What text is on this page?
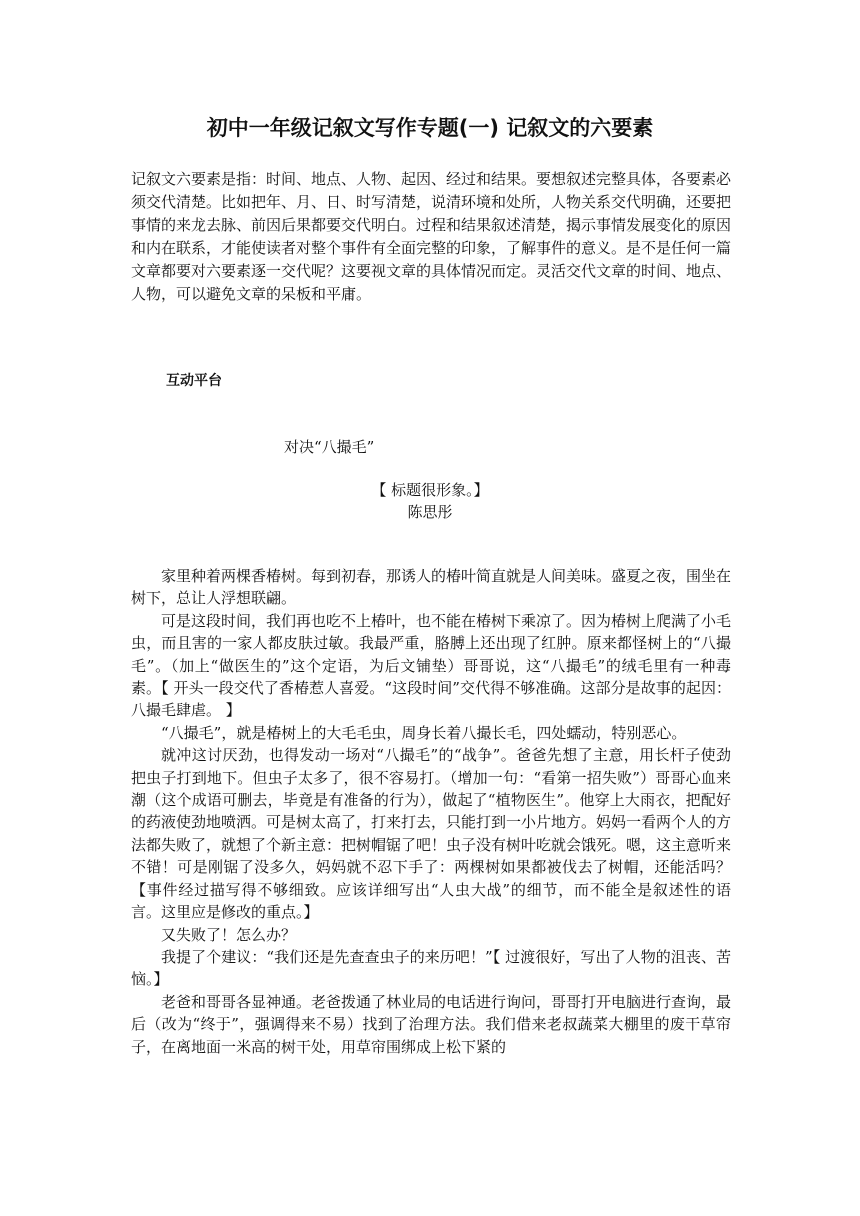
初中一年级记叙文写作专题(一) 记叙文的六要素

记叙文六要素是指：时间、地点、人物、起因、经过和结果。要想叙述完整具体，各要素必须交代清楚。比如把年、月、日、时写清楚，说清环境和处所，人物关系交代明确，还要把事情的来龙去脉、前因后果都要交代明白。过程和结果叙述清楚，揭示事情发展变化的原因和内在联系，才能使读者对整个事件有全面完整的印象，了解事件的意义。是不是任何一篇文章都要对六要素逐一交代呢？这要视文章的具体情况而定。灵活交代文章的时间、地点、人物，可以避免文章的呆板和平庸。

互动平台

对决“八撮毛”

【 标题很形象。】

陈思彤

家里种着两棵香椿树。每到初春，那诱人的椿叶简直就是人间美味。盛夏之夜，围坐在树下，总让人浮想联翩。

可是这段时间，我们再也吃不上椿叶，也不能在椿树下乘凉了。因为椿树上爬满了小毛虫，而且害的一家人都皮肤过敏。我最严重，胳膊上还出现了红肿。原来都怪树上的“八撮毛”。（加上“做医生的”这个定语，为后文铺垫）哥哥说，这“八撮毛”的绒毛里有一种毒素。【 开头一段交代了香椿惹人喜爱。“这段时间”交代得不够准确。这部分是故事的起因：八撮毛肆虐。 】

“八撮毛”，就是椿树上的大毛毛虫，周身长着八撮长毛，四处蠕动，特别恶心。

就冲这讨厌劲，也得发动一场对“八撮毛”的“战争”。爸爸先想了主意，用长杆子使劲把虫子打到地下。但虫子太多了，很不容易打。（增加一句：“看第一招失败”）哥哥心血来潮（这个成语可删去，毕竟是有准备的行为），做起了“植物医生”。他穿上大雨衣，把配好的药液使劲地喷洒。可是树太高了，打来打去，只能打到一小片地方。妈妈一看两个人的方法都失败了，就想了个新主意：把树帽锯了吧！虫子没有树叶吃就会饿死。嗯，这主意听来不错！可是刚锯了没多久，妈妈就不忍下手了：两棵树如果都被伐去了树帽，还能活吗？【事件经过描写得不够细致。应该详细写出“人虫大战”的细节，而不能全是叙述性的语言。这里应是修改的重点。】

又失败了！怎么办？

我提了个建议：“我们还是先查查虫子的来历吧！”【 过渡很好，写出了人物的沮丧、苦恼。】

老爸和哥哥各显神通。老爸拨通了林业局的电话进行询问，哥哥打开电脑进行查询，最后（改为“终于”，强调得来不易）找到了治理方法。我们借来老叔蔬菜大棚里的废干草帘子，在离地面一米高的树干处，用草帘围绑成上松下紧的
